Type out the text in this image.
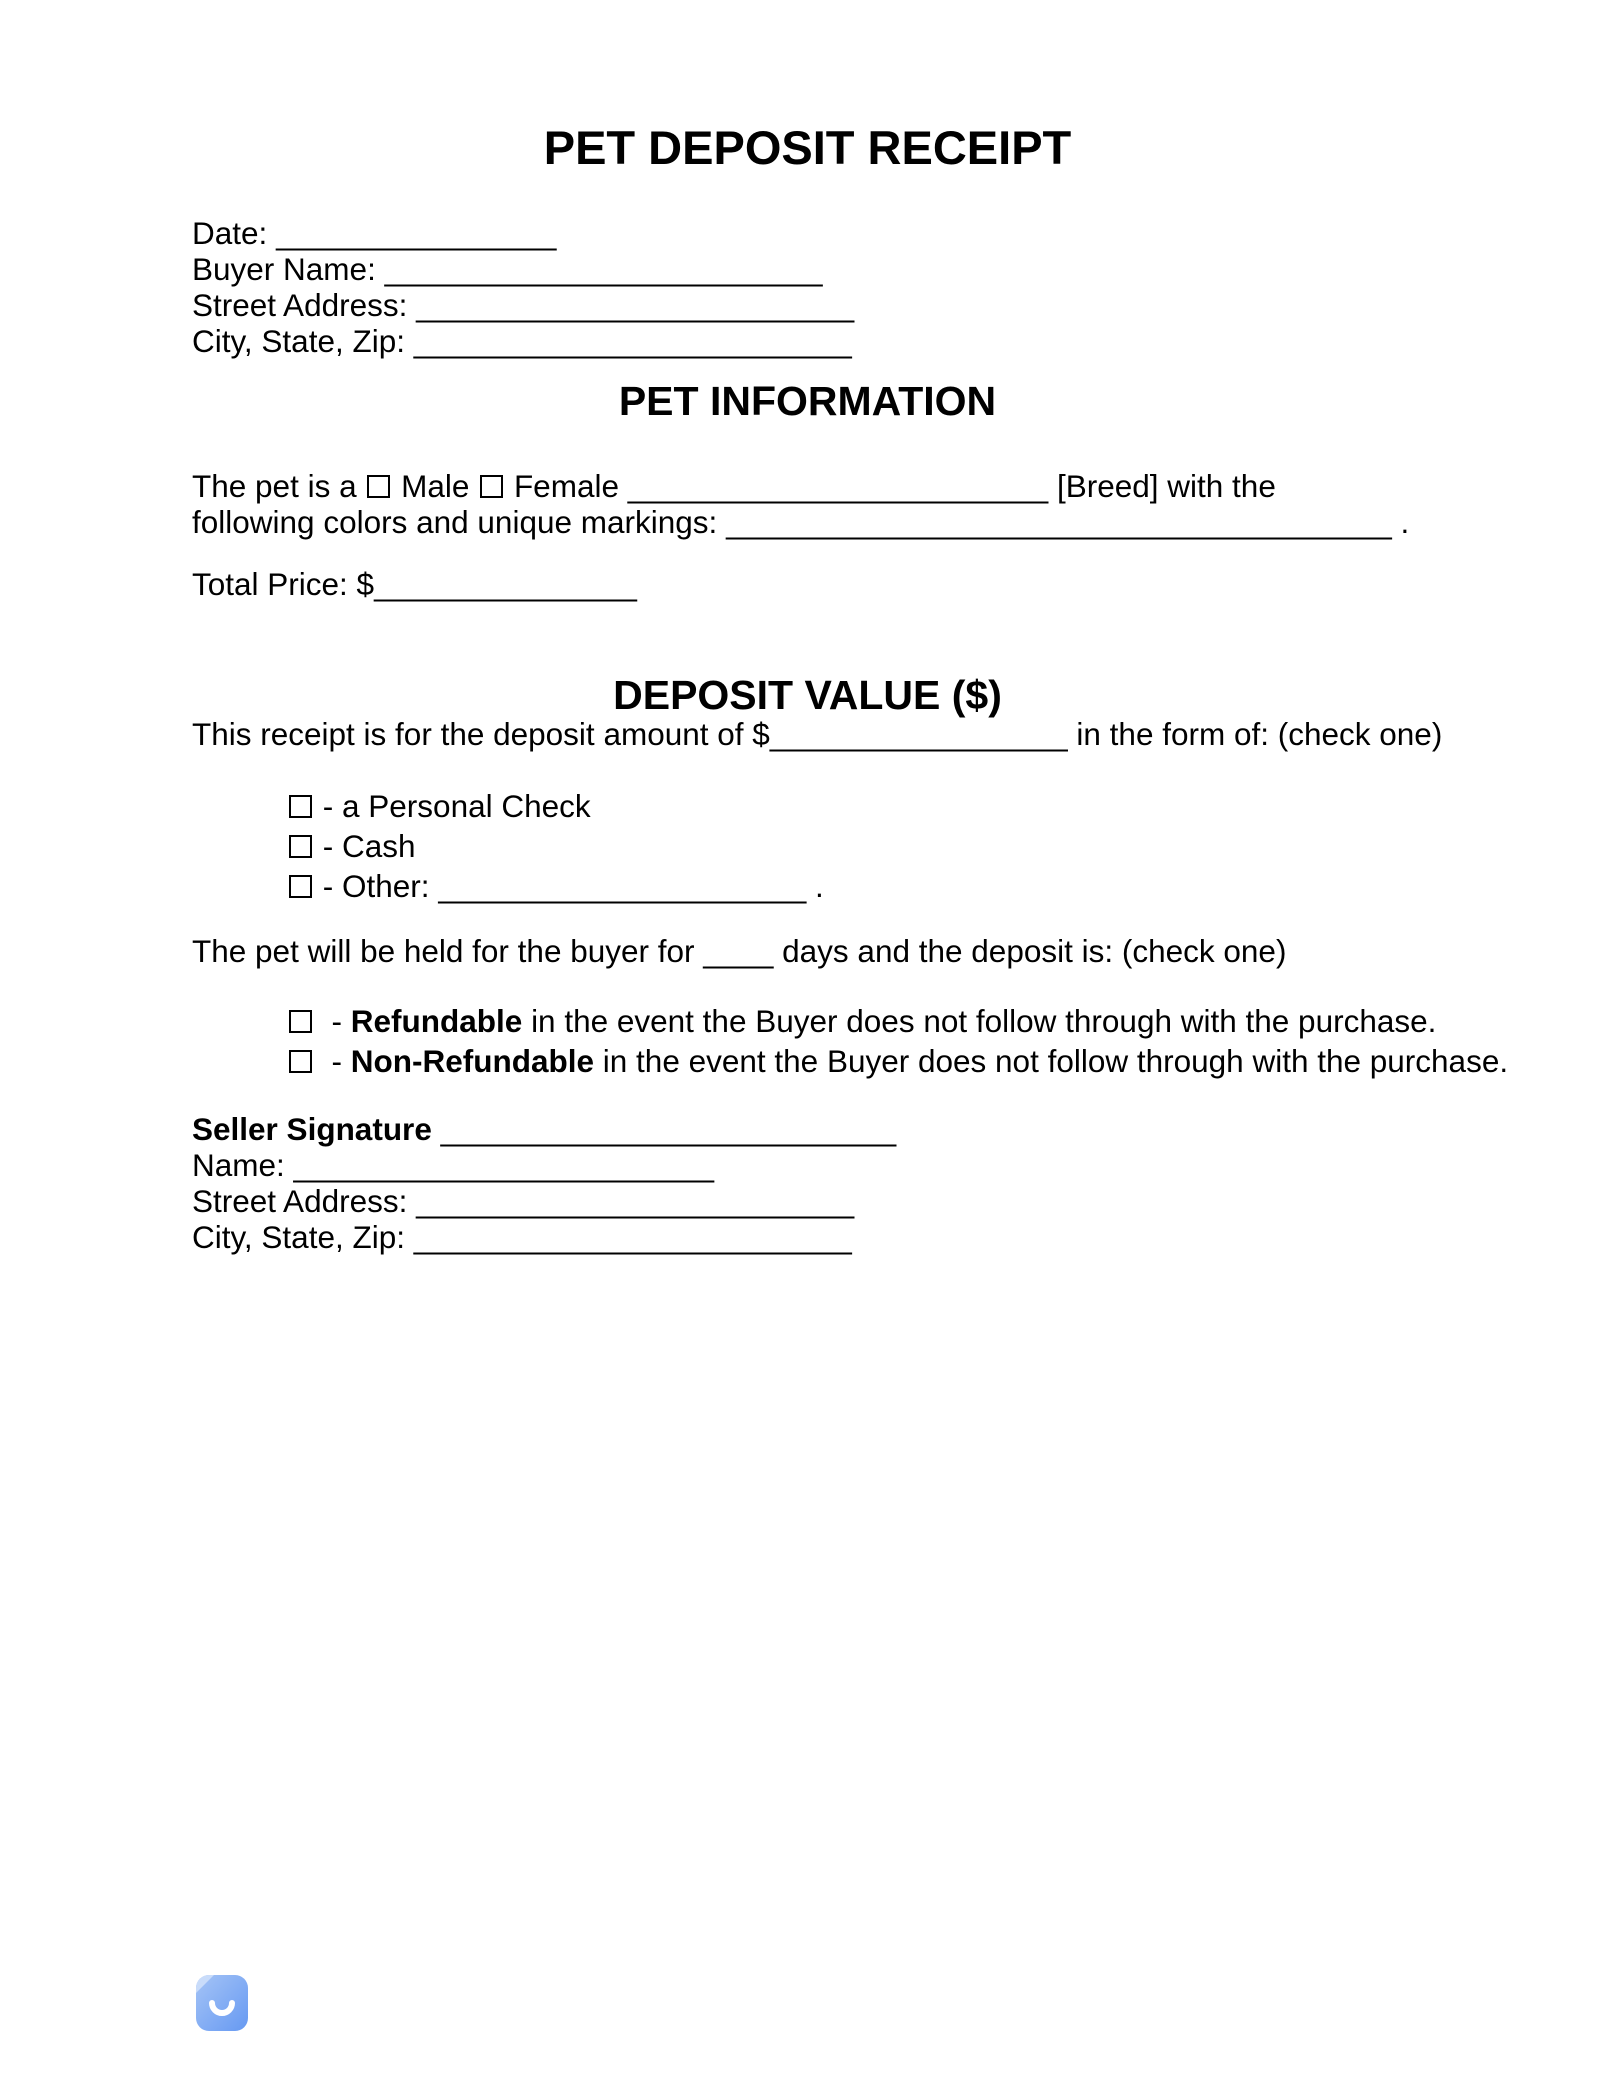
PET DEPOSIT RECEIPT
Date: ________________
Buyer Name: _________________________
Street Address: _________________________
City, State, Zip: _________________________
PET INFORMATION
The pet is a Male Female ________________________ [Breed] with the
following colors and unique markings: ______________________________________ .
Total Price: $_______________
DEPOSIT VALUE ($)
This receipt is for the deposit amount of $_________________ in the form of: (check one)
- a Personal Check
- Cash
- Other: _____________________ .
The pet will be held for the buyer for ____ days and the deposit is: (check one)
- Refundable in the event the Buyer does not follow through with the purchase.
- Non-Refundable in the event the Buyer does not follow through with the purchase.
Seller Signature __________________________
Name: ________________________
Street Address: _________________________
City, State, Zip: _________________________
